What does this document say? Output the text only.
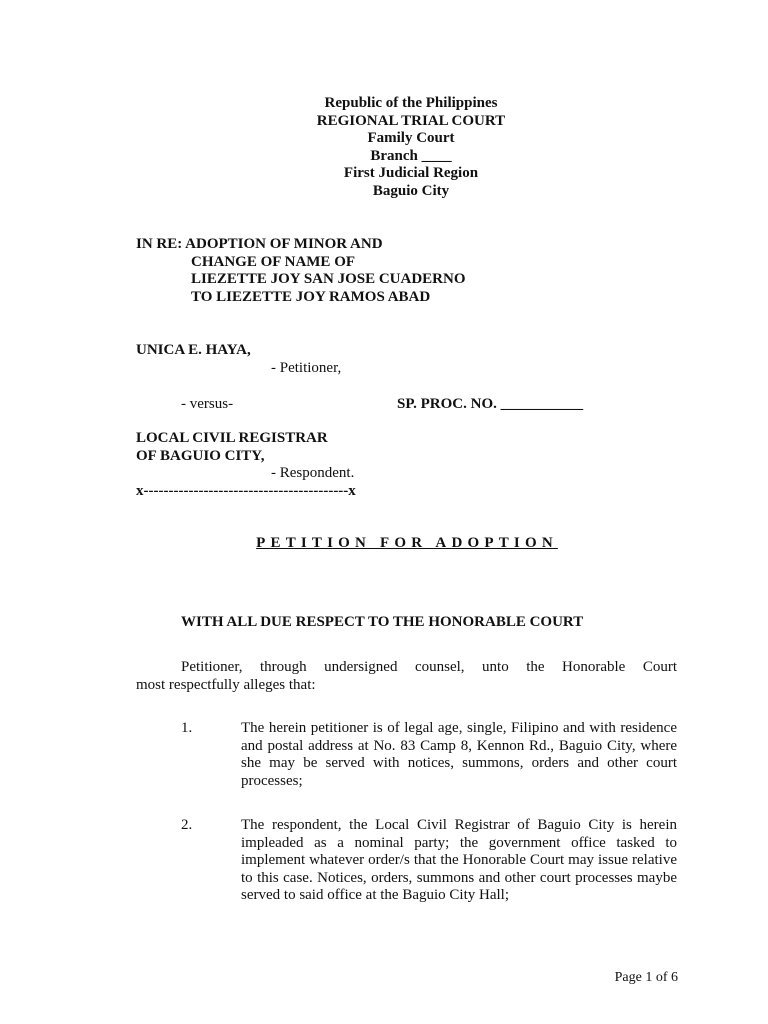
Republic of the Philippines
REGIONAL TRIAL COURT
Family Court
Branch ____
First Judicial Region
Baguio City
IN RE: ADOPTION OF MINOR AND
CHANGE OF NAME OF
LIEZETTE JOY SAN JOSE CUADERNO
TO LIEZETTE JOY RAMOS ABAD
UNICA E. HAYA,
- Petitioner,
- versus-	SP. PROC. NO. ___________
LOCAL CIVIL REGISTRAR
OF BAGUIO CITY,
- Respondent.
x-----------------------------------------x
PETITION FOR ADOPTION
WITH ALL DUE RESPECT TO THE HONORABLE COURT
Petitioner, through undersigned counsel, unto the Honorable Court
most respectfully alleges that:
1.	The herein petitioner is of legal age, single, Filipino and with residence and postal address at No. 83 Camp 8, Kennon Rd., Baguio City, where she may be served with notices, summons, orders and other court processes;
2.	The respondent, the Local Civil Registrar of Baguio City is herein impleaded as a nominal party; the government office tasked to implement whatever order/s that the Honorable Court may issue relative to this case. Notices, orders, summons and other court processes maybe served to said office at the Baguio City Hall;
Page 1 of 6
